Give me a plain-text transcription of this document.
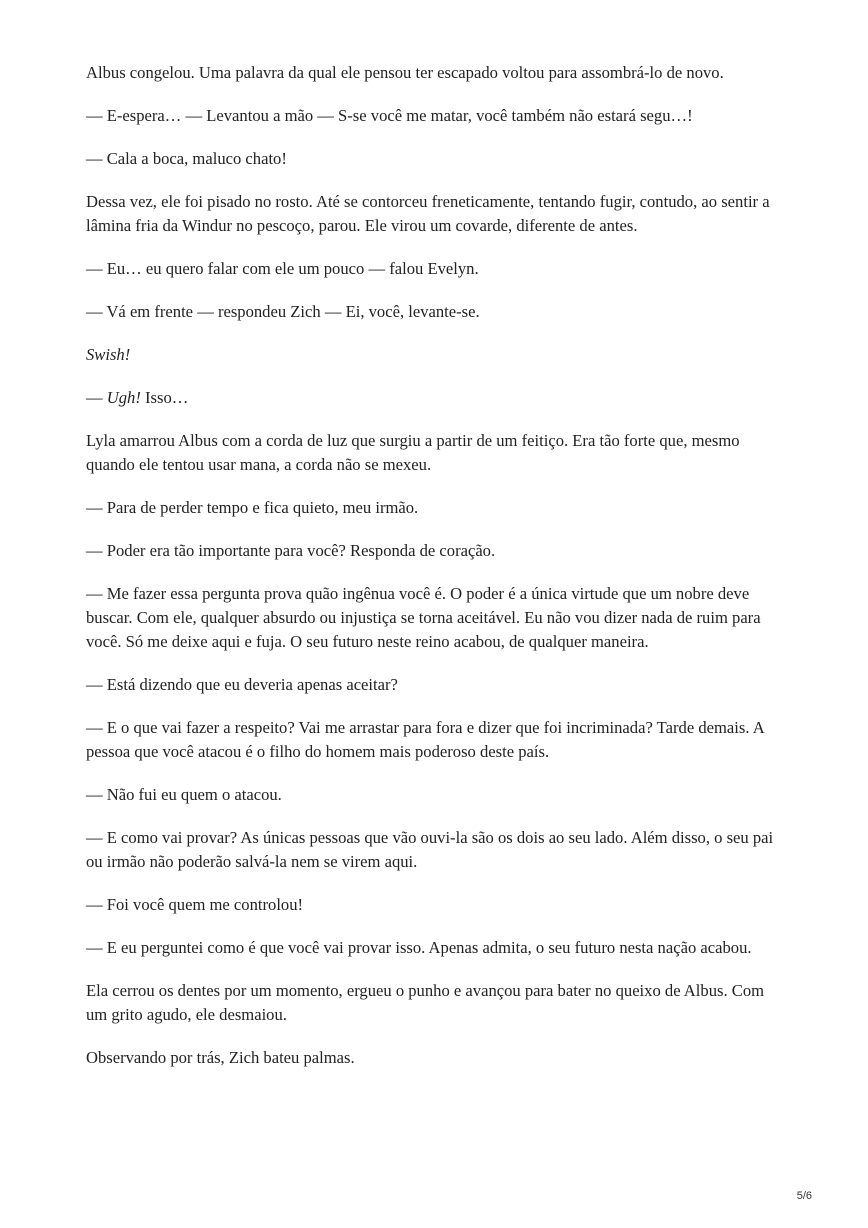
Albus congelou. Uma palavra da qual ele pensou ter escapado voltou para assombrá-lo de novo.

— E-espera… — Levantou a mão — S-se você me matar, você também não estará segu…!

— Cala a boca, maluco chato!

Dessa vez, ele foi pisado no rosto. Até se contorceu freneticamente, tentando fugir, contudo, ao sentir a lâmina fria da Windur no pescoço, parou. Ele virou um covarde, diferente de antes.

— Eu… eu quero falar com ele um pouco — falou Evelyn.

— Vá em frente — respondeu Zich — Ei, você, levante-se.

Swish!

— Ugh! Isso…

Lyla amarrou Albus com a corda de luz que surgiu a partir de um feitiço. Era tão forte que, mesmo quando ele tentou usar mana, a corda não se mexeu.

— Para de perder tempo e fica quieto, meu irmão.

— Poder era tão importante para você? Responda de coração.

— Me fazer essa pergunta prova quão ingênua você é. O poder é a única virtude que um nobre deve buscar. Com ele, qualquer absurdo ou injustiça se torna aceitável. Eu não vou dizer nada de ruim para você. Só me deixe aqui e fuja. O seu futuro neste reino acabou, de qualquer maneira.

— Está dizendo que eu deveria apenas aceitar?

— E o que vai fazer a respeito? Vai me arrastar para fora e dizer que foi incriminada? Tarde demais. A pessoa que você atacou é o filho do homem mais poderoso deste país.

— Não fui eu quem o atacou.

— E como vai provar? As únicas pessoas que vão ouvi-la são os dois ao seu lado. Além disso, o seu pai ou irmão não poderão salvá-la nem se virem aqui.

— Foi você quem me controlou!

— E eu perguntei como é que você vai provar isso. Apenas admita, o seu futuro nesta nação acabou.

Ela cerrou os dentes por um momento, ergueu o punho e avançou para bater no queixo de Albus. Com um grito agudo, ele desmaiou.

Observando por trás, Zich bateu palmas.

5/6
